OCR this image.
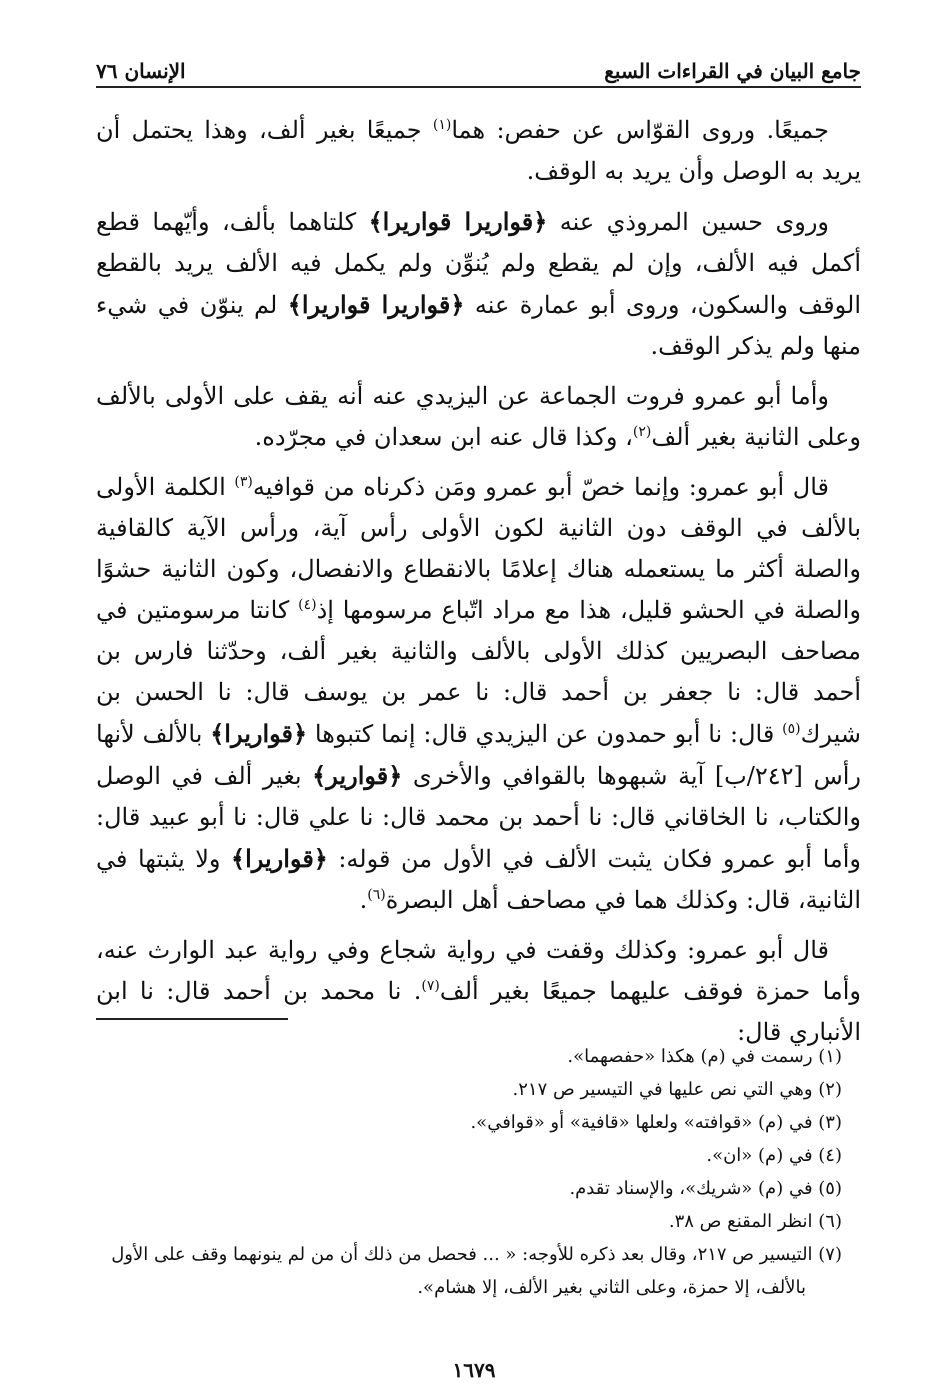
جامع البيان في القراءات السبع
الإنسان ٧٦

جميعًا. وروى القوّاس عن حفص: هما$^{(١)}$ جميعًا بغير ألف، وهذا يحتمل أن يريد به الوصل وأن يريد به الوقف.

وروى حسين المروذي عنه ﴿قواريرا قواريرا﴾ كلتاهما بألف، وأيّهما قطع أكمل فيه الألف، وإن لم يقطع ولم يُنوِّن ولم يكمل فيه الألف يريد بالقطع الوقف والسكون، وروى أبو عمارة عنه ﴿قواريرا قواريرا﴾ لم ينوّن في شيء منها ولم يذكر الوقف.

وأما أبو عمرو فروت الجماعة عن اليزيدي عنه أنه يقف على الأولى بالألف وعلى الثانية بغير ألف$^{(٢)}$، وكذا قال عنه ابن سعدان في مجرّده.

قال أبو عمرو: وإنما خصّ أبو عمرو ومَن ذكرناه من قوافيه$^{(٣)}$ الكلمة الأولى بالألف في الوقف دون الثانية لكون الأولى رأس آية، ورأس الآية كالقافية والصلة أكثر ما يستعمله هناك إعلامًا بالانقطاع والانفصال، وكون الثانية حشوًا والصلة في الحشو قليل، هذا مع مراد اتّباع مرسومها إذ$^{(٤)}$ كانتا مرسومتين في مصاحف البصريين كذلك الأولى بالألف والثانية بغير ألف، وحدّثنا فارس بن أحمد قال: نا جعفر بن أحمد قال: نا عمر بن يوسف قال: نا الحسن بن شيرك$^{(٥)}$ قال: نا أبو حمدون عن اليزيدي قال: إنما كتبوها ﴿قواريرا﴾ بالألف لأنها رأس [٢٤٢/ب] آية شبهوها بالقوافي والأخرى ﴿قوارير﴾ بغير ألف في الوصل والكتاب، نا الخاقاني قال: نا أحمد بن محمد قال: نا علي قال: نا أبو عبيد قال: وأما أبو عمرو فكان يثبت الألف في الأول من قوله: ﴿قواريرا﴾ ولا يثبتها في الثانية، قال: وكذلك هما في مصاحف أهل البصرة$^{(٦)}$.

قال أبو عمرو: وكذلك وقفت في رواية شجاع وفي رواية عبد الوارث عنه، وأما حمزة فوقف عليهما جميعًا بغير ألف$^{(٧)}$. نا محمد بن أحمد قال: نا ابن الأنباري قال:

(١) رسمت في (م) هكذا «حفصهما».

(٢) وهي التي نص عليها في التيسير ص ٢١٧.

(٣) في (م) «قوافته» ولعلها «قافية» أو «قوافي».

(٤) في (م) «ان».

(٥) في (م) «شريك»، والإسناد تقدم.

(٦) انظر المقنع ص ٣٨.

(٧) التيسير ص ٢١٧، وقال بعد ذكره للأوجه: « ... فحصل من ذلك أن من لم ينونهما وقف على الأول بالألف، إلا حمزة، وعلى الثاني بغير الألف، إلا هشام».

١٦٧٩
